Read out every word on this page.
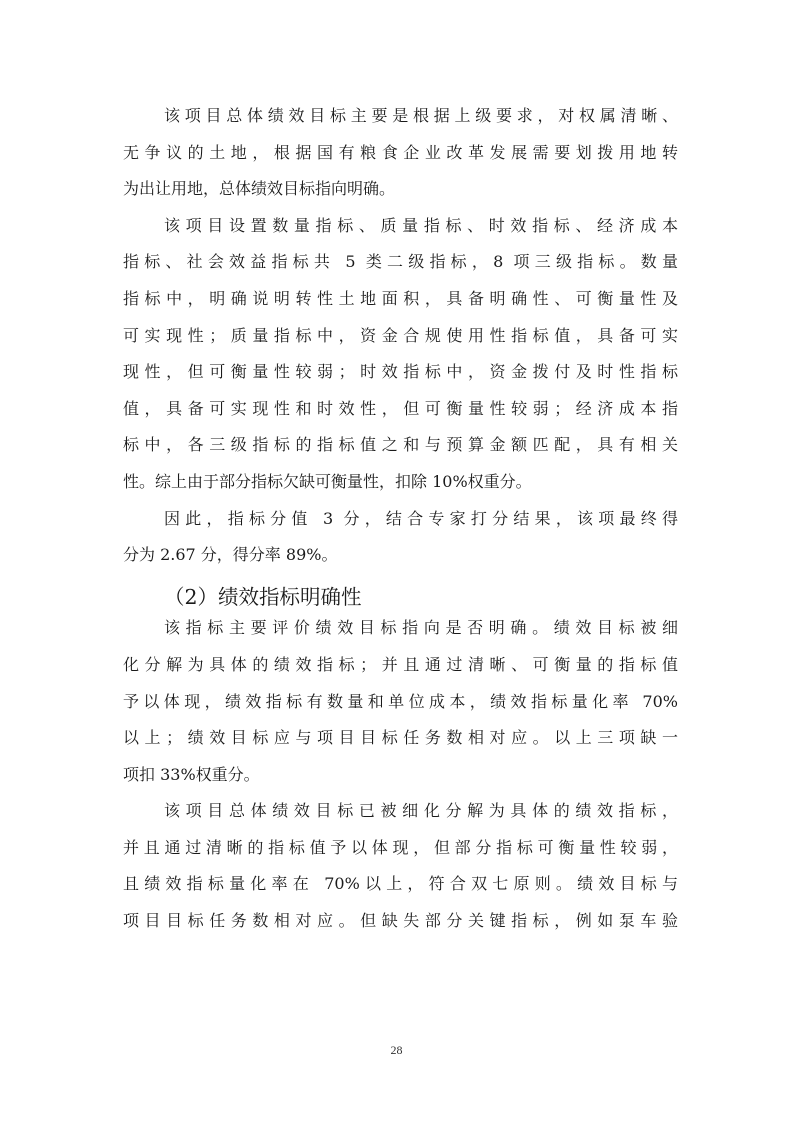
该项目总体绩效目标主要是根据上级要求，对权属清晰、
无争议的土地，根据国有粮食企业改革发展需要划拨用地转
为出让用地，总体绩效目标指向明确。
该项目设置数量指标、质量指标、时效指标、经济成本
指标、社会效益指标共 5 类二级指标，8 项三级指标。数量
指标中，明确说明转性土地面积，具备明确性、可衡量性及
可实现性；质量指标中，资金合规使用性指标值，具备可实
现性，但可衡量性较弱；时效指标中，资金拨付及时性指标
值，具备可实现性和时效性，但可衡量性较弱；经济成本指
标中，各三级指标的指标值之和与预算金额匹配，具有相关
性。综上由于部分指标欠缺可衡量性，扣除 10%权重分。
因此，指标分值 3 分，结合专家打分结果，该项最终得
分为 2.67 分，得分率 89%。
（2）绩效指标明确性
该指标主要评价绩效目标指向是否明确。绩效目标被细
化分解为具体的绩效指标；并且通过清晰、可衡量的指标值
予以体现，绩效指标有数量和单位成本，绩效指标量化率 70%
以上；绩效目标应与项目目标任务数相对应。以上三项缺一
项扣 33%权重分。
该项目总体绩效目标已被细化分解为具体的绩效指标，
并且通过清晰的指标值予以体现，但部分指标可衡量性较弱，
且绩效指标量化率在 70%以上，符合双七原则。绩效目标与
项目目标任务数相对应。但缺失部分关键指标，例如泵车验
28
